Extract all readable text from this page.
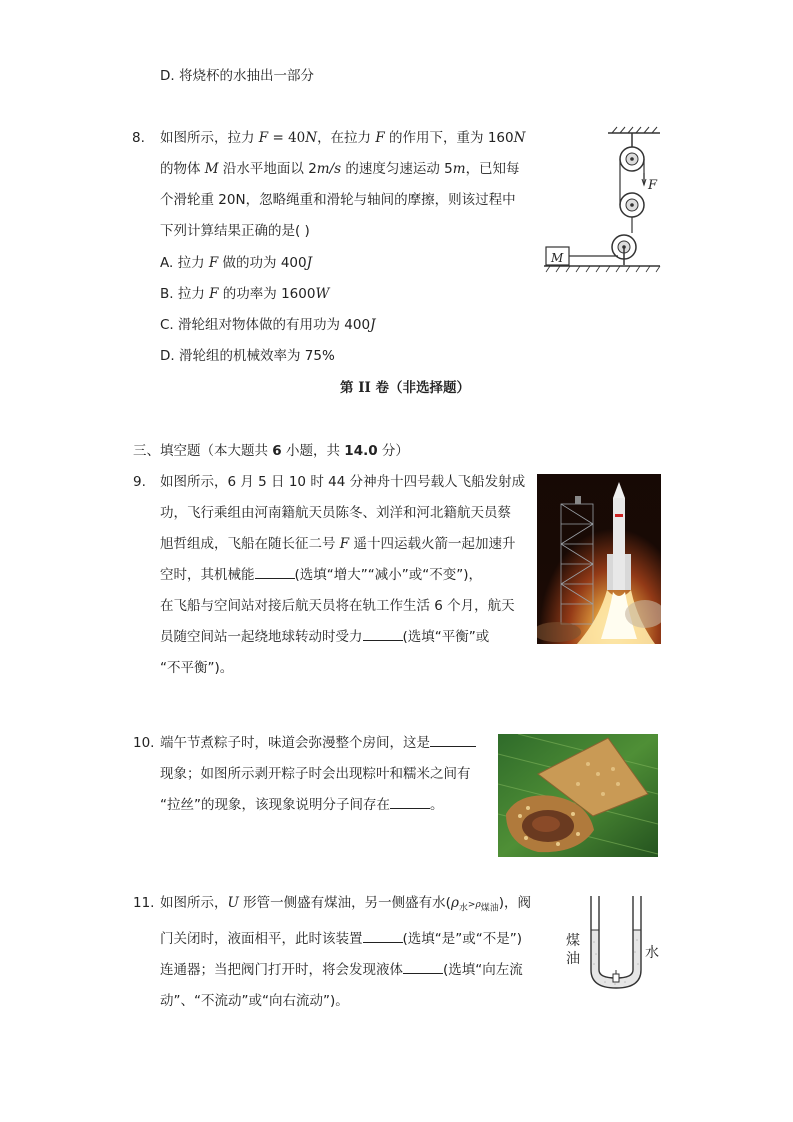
D. 将烧杯的水抽出一部分
8. 如图所示，拉力 F = 40N，在拉力 F 的作用下，重为 160N
的物体 M 沿水平地面以 2m/s 的速度匀速运动 5m，已知每
个滑轮重 20N，忽略绳重和滑轮与轴间的摩擦，则该过程中
下列计算结果正确的是( )
A. 拉力 F 做的功为 400J
B. 拉力 F 的功率为 1600W
C. 滑轮组对物体做的有用功为 400J
D. 滑轮组的机械效率为 75%
F
M
第 II 卷（非选择题）
三、填空题（本大题共 6 小题，共 14.0 分）
9. 如图所示，6 月 5 日 10 时 44 分神舟十四号载人飞船发射成
功，飞行乘组由河南籍航天员陈冬、刘洋和河北籍航天员蔡
旭哲组成，飞船在随长征二号 F 遥十四运载火箭一起加速升
空时，其机械能	(选填“增大”“减小”或“不变”)，
在飞船与空间站对接后航天员将在轨工作生活 6 个月，航天
员随空间站一起绕地球转动时受力	(选填“平衡”或
“不平衡”)。
10. 端午节煮粽子时，味道会弥漫整个房间，这是
现象；如图所示剥开粽子时会出现粽叶和糯米之间有
“拉丝”的现象，该现象说明分子间存在	。
11. 如图所示，U 形管一侧盛有煤油，另一侧盛有水$(\rho_水>\rho_{煤油})$，阀
门关闭时，液面相平，此时该装置	(选填“是”或“不是”)
连通器；当把阀门打开时，将会发现液体	(选填“向左流
动”、“不流动”或“向右流动”)。
煤油	水
